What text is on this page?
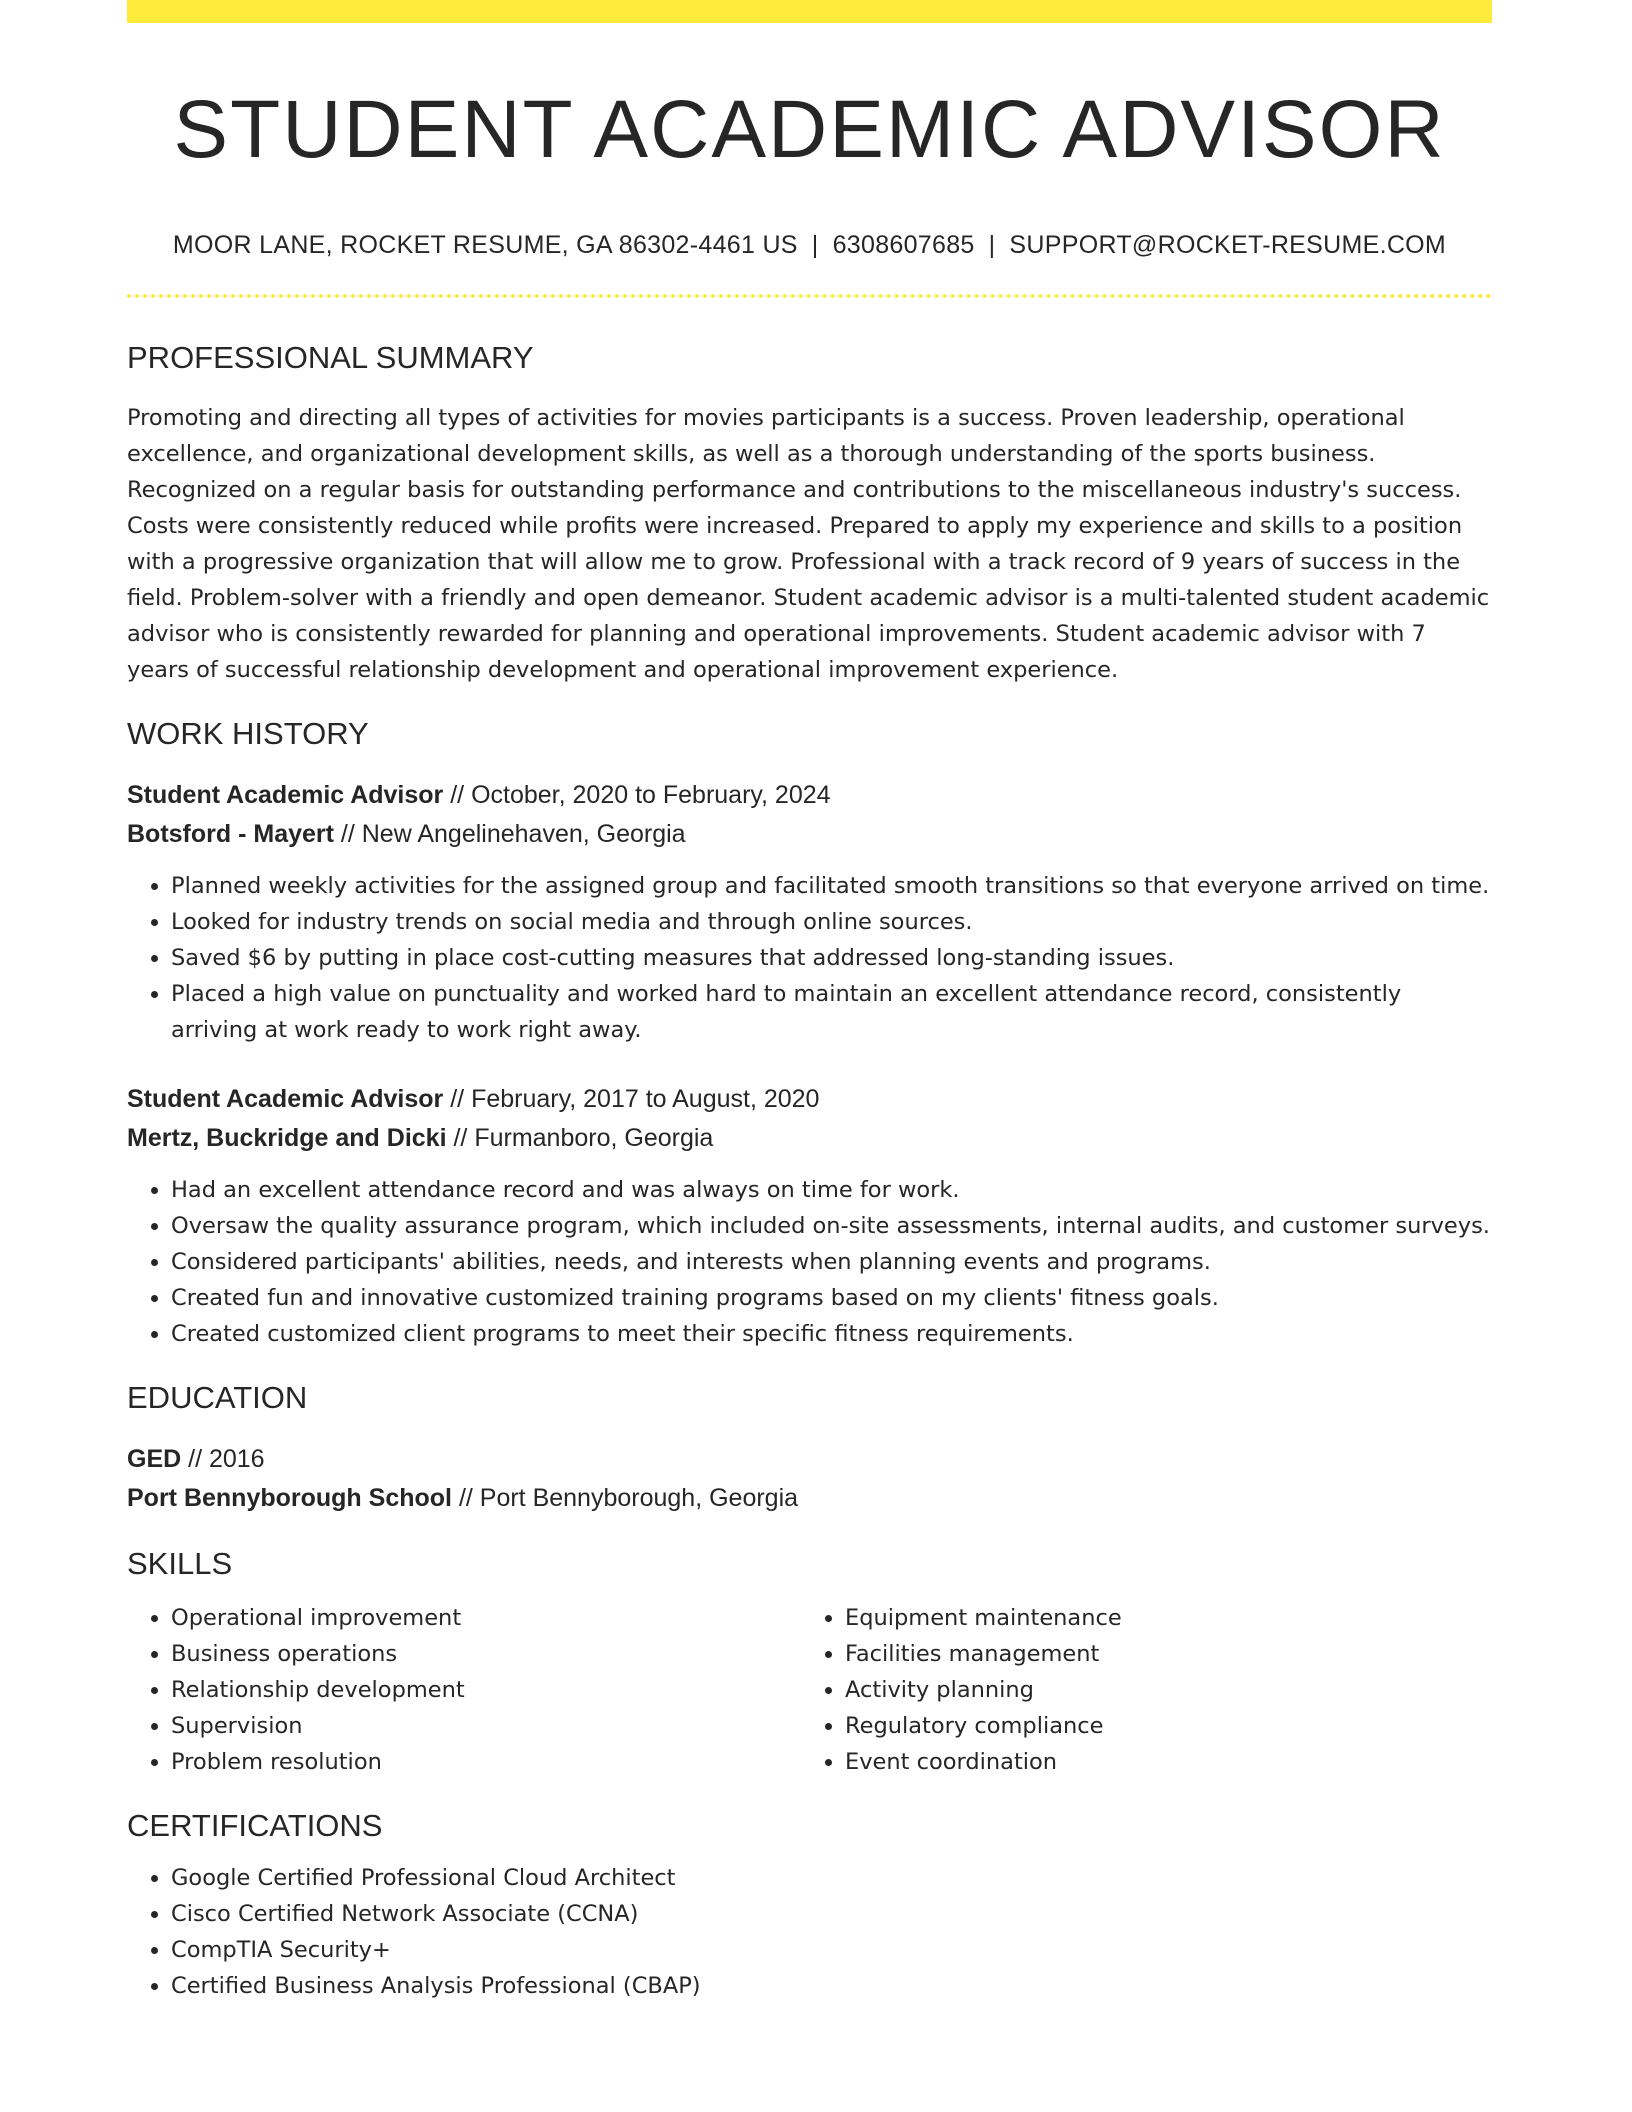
STUDENT ACADEMIC ADVISOR
MOOR LANE, ROCKET RESUME, GA 86302-4461 US | 6308607685 | SUPPORT@ROCKET-RESUME.COM
PROFESSIONAL SUMMARY
Promoting and directing all types of activities for movies participants is a success. Proven leadership, operational excellence, and organizational development skills, as well as a thorough understanding of the sports business. Recognized on a regular basis for outstanding performance and contributions to the miscellaneous industry's success. Costs were consistently reduced while profits were increased. Prepared to apply my experience and skills to a position with a progressive organization that will allow me to grow. Professional with a track record of 9 years of success in the field. Problem-solver with a friendly and open demeanor. Student academic advisor is a multi-talented student academic advisor who is consistently rewarded for planning and operational improvements. Student academic advisor with 7 years of successful relationship development and operational improvement experience.
WORK HISTORY
Student Academic Advisor // October, 2020 to February, 2024
Botsford - Mayert // New Angelinehaven, Georgia
• Planned weekly activities for the assigned group and facilitated smooth transitions so that everyone arrived on time.
• Looked for industry trends on social media and through online sources.
• Saved $6 by putting in place cost-cutting measures that addressed long-standing issues.
• Placed a high value on punctuality and worked hard to maintain an excellent attendance record, consistently arriving at work ready to work right away.
Student Academic Advisor // February, 2017 to August, 2020
Mertz, Buckridge and Dicki // Furmanboro, Georgia
• Had an excellent attendance record and was always on time for work.
• Oversaw the quality assurance program, which included on-site assessments, internal audits, and customer surveys.
• Considered participants' abilities, needs, and interests when planning events and programs.
• Created fun and innovative customized training programs based on my clients' fitness goals.
• Created customized client programs to meet their specific fitness requirements.
EDUCATION
GED // 2016
Port Bennyborough School // Port Bennyborough, Georgia
SKILLS
• Operational improvement
• Business operations
• Relationship development
• Supervision
• Problem resolution
• Equipment maintenance
• Facilities management
• Activity planning
• Regulatory compliance
• Event coordination
CERTIFICATIONS
• Google Certified Professional Cloud Architect
• Cisco Certified Network Associate (CCNA)
• CompTIA Security+
• Certified Business Analysis Professional (CBAP)
